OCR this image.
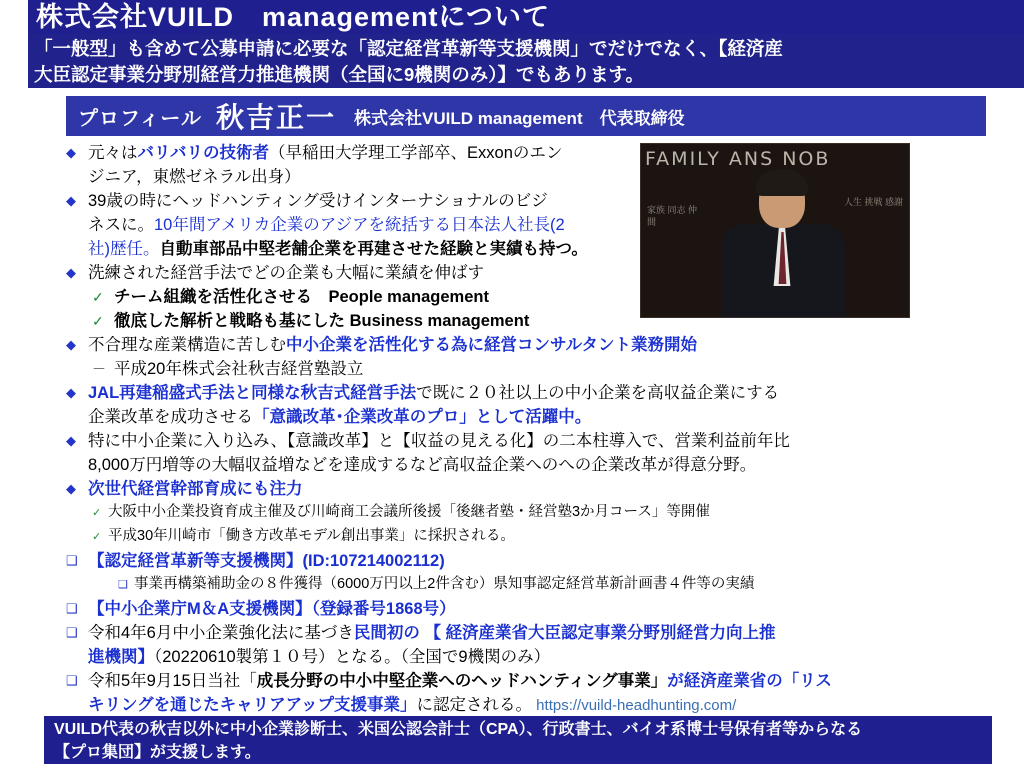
株式会社VUILD　managementについて
「一般型」も含めて公募申請に必要な「認定経営革新等支援機関」でだけでなく、【経済産
大臣認定事業分野別経営力推進機関（全国に9機関のみ）】でもあります。
プロフィール 秋吉正一 株式会社VUILD management　代表取締役
FAMILY ANS NOB
家族 同志 仲間
人生 挑戦 感謝
◆ 元々はバリバリの技術者（早稲田大学理工学部卒、Exxonのエン
ジニア，東燃ゼネラル出身）
◆ 39歳の時にヘッドハンティング受けインターナショナルのビジ
ネスに。10年間アメリカ企業のアジアを統括する日本法人社長(2
社)歴任。自動車部品中堅老舗企業を再建させた経験と実績も持つ。
◆ 洗練された経営手法でどの企業も大幅に業績を伸ばす
✓ チーム組織を活性化させる　People management
✓ 徹底した解析と戦略も基にした Business management
◆ 不合理な産業構造に苦しむ中小企業を活性化する為に経営コンサルタント業務開始
－ 平成20年株式会社秋吉経営塾設立
◆ JAL再建稲盛式手法と同様な秋吉式経営手法で既に２０社以上の中小企業を高収益企業にする
企業改革を成功させる「意識改革･企業改革のプロ」として活躍中。
◆ 特に中小企業に入り込み、【意識改革】と【収益の見える化】の二本柱導入で、営業利益前年比
8,000万円増等の大幅収益増などを達成するなど高収益企業へのへの企業改革が得意分野。
◆ 次世代経営幹部育成にも注力
✓ 大阪中小企業投資育成主催及び川崎商工会議所後援「後継者塾・経営塾3か月コース」等開催
✓ 平成30年川崎市「働き方改革モデル創出事業」に採択される。
❑ 【認定経営革新等支援機関】(ID:107214002112)
❑ 事業再構築補助金の８件獲得（6000万円以上2件含む）県知事認定経営革新計画書４件等の実績
❑ 【中小企業庁M＆A支援機関】（登録番号1868号）
❑ 令和4年6月中小企業強化法に基づき民間初の 【 経済産業省大臣認定事業分野別経営力向上推
進機関】（20220610製第１０号）となる。（全国で9機関のみ）
❑ 令和5年9月15日当社「成長分野の中小中堅企業へのヘッドハンティング事業」が経済産業省の「リス
キリングを通じたキャリアアップ支援事業」に認定される。 https://vuild-headhunting.com/
VUILD代表の秋吉以外に中小企業診断士、米国公認会計士（CPA）、行政書士、バイオ系博士号保有者等からなる
【プロ集団】が支援します。
